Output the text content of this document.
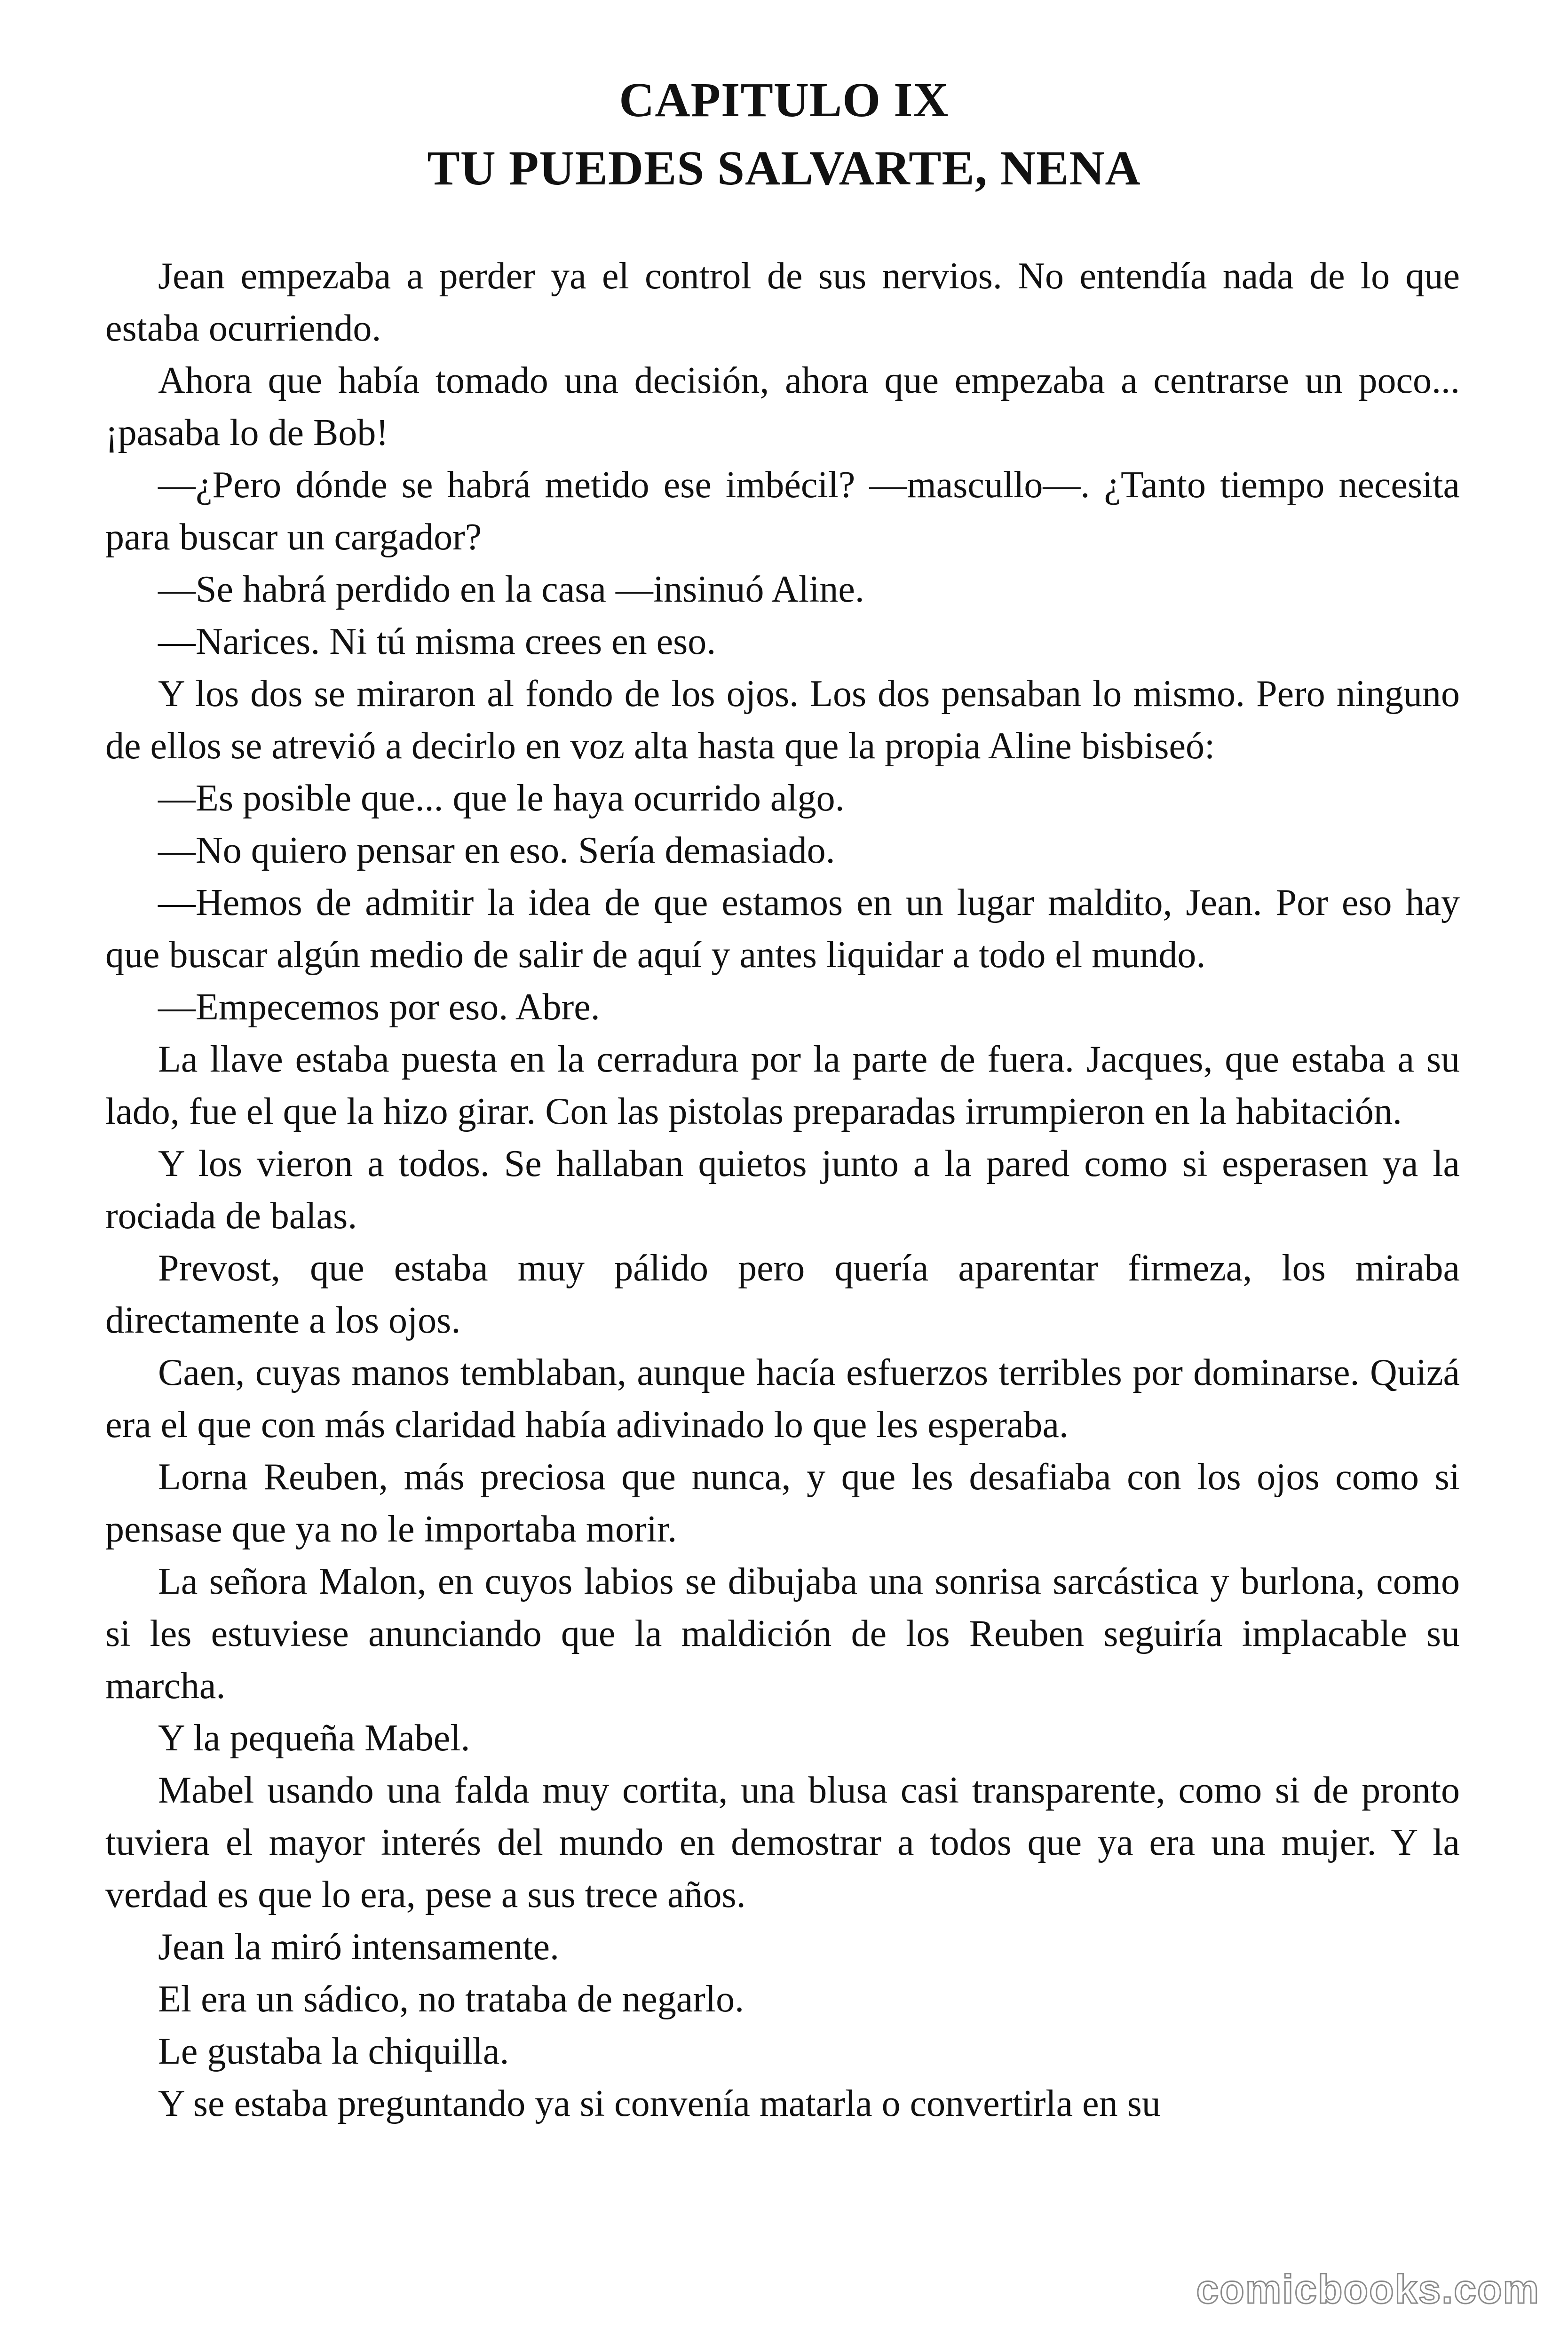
CAPITULO IX
TU PUEDES SALVARTE, NENA

Jean empezaba a perder ya el control de sus nervios. No entendía nada de lo que estaba ocurriendo.

Ahora que había tomado una decisión, ahora que empezaba a centrarse un poco... ¡pasaba lo de Bob!

—¿Pero dónde se habrá metido ese imbécil? —mascullo—. ¿Tanto tiempo necesita para buscar un cargador?

—Se habrá perdido en la casa —insinuó Aline.

—Narices. Ni tú misma crees en eso.

Y los dos se miraron al fondo de los ojos. Los dos pensaban lo mismo. Pero ninguno de ellos se atrevió a decirlo en voz alta hasta que la propia Aline bisbiseó:

—Es posible que... que le haya ocurrido algo.

—No quiero pensar en eso. Sería demasiado.

—Hemos de admitir la idea de que estamos en un lugar maldito, Jean. Por eso hay que buscar algún medio de salir de aquí y antes liquidar a todo el mundo.

—Empecemos por eso. Abre.

La llave estaba puesta en la cerradura por la parte de fuera. Jacques, que estaba a su lado, fue el que la hizo girar. Con las pistolas preparadas irrumpieron en la habitación.

Y los vieron a todos. Se hallaban quietos junto a la pared como si esperasen ya la rociada de balas.

Prevost, que estaba muy pálido pero quería aparentar firmeza, los miraba directamente a los ojos.

Caen, cuyas manos temblaban, aunque hacía esfuerzos terribles por dominarse. Quizá era el que con más claridad había adivinado lo que les esperaba.

Lorna Reuben, más preciosa que nunca, y que les desafiaba con los ojos como si pensase que ya no le importaba morir.

La señora Malon, en cuyos labios se dibujaba una sonrisa sarcástica y burlona, como si les estuviese anunciando que la maldición de los Reuben seguiría implacable su marcha.

Y la pequeña Mabel.

Mabel usando una falda muy cortita, una blusa casi transparente, como si de pronto tuviera el mayor interés del mundo en demostrar a todos que ya era una mujer. Y la verdad es que lo era, pese a sus trece años.

Jean la miró intensamente.

El era un sádico, no trataba de negarlo.

Le gustaba la chiquilla.

Y se estaba preguntando ya si convenía matarla o convertirla en su

comicbooks.com
